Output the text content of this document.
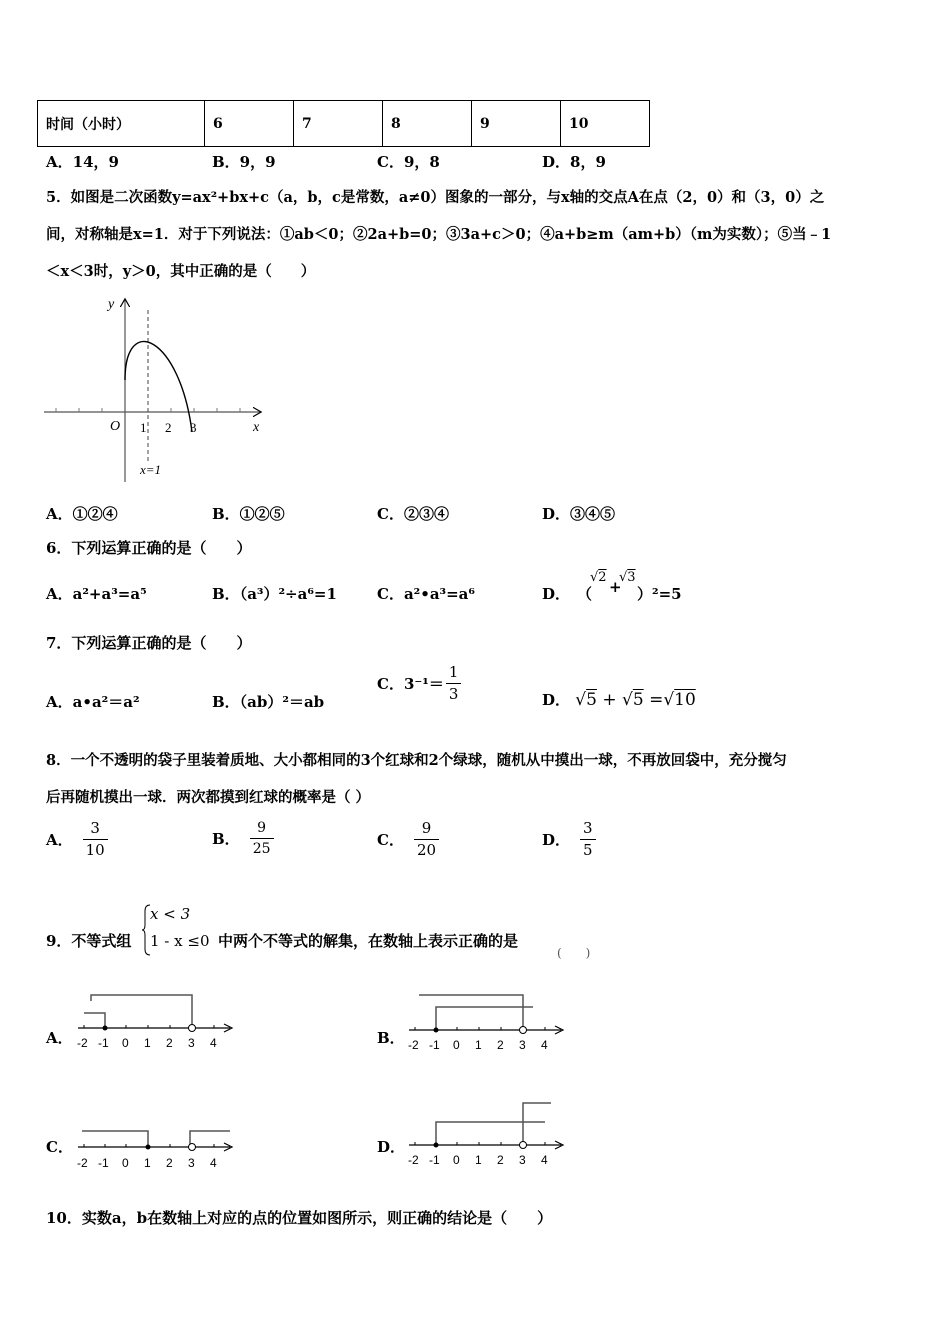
时间（小时）	6	7	8	9	10
A．14，9	B．9，9	C．9，8	D．8，9
5．如图是二次函数y=ax²+bx+c（a，b，c是常数，a≠0）图象的一部分，与x轴的交点A在点（2，0）和（3，0）之
间，对称轴是x=1．对于下列说法：①ab＜0；②2a+b=0；③3a+c＞0；④a+b≥m（am+b）（m为实数）；⑤当﹣1
＜x＜3时，y＞0，其中正确的是（　　）
y
x
O 1 2 3
x=1
A．①②④	B．①②⑤	C．②③④	D．③④⑤
6．下列运算正确的是（　　）
A．a²+a³=a⁵	B．（a³）²÷a⁶=1	C．a²•a³=a⁶	D． （
√2
+
√3
）²=5
7．下列运算正确的是（　　）
A．a•a²＝a²	B．（ab）²＝ab
C．$3^{-1}= \frac{1}{3}$	D． √5 + √5 =√10
8．一个不透明的袋子里装着质地、大小都相同的3个红球和2个绿球，随机从中摸出一球，不再放回袋中，充分搅匀
后再随机摸出一球．两次都摸到红球的概率是（ ）
A． $\frac{3}{10}$	B． $\frac{9}{25}$	C． $\frac{9}{20}$	D． $\frac{3}{5}$
9．不等式组
x < 3
1 - x ≤0 中两个不等式的解集，在数轴上表示正确的是
(　　)
A． -2 -1 0 1 2 3 4	B． -2 -1 0 1 2 3 4
C．
-2 -1 0 1 2 3 4
D．
-2 -1 0 1 2 3 4
10．实数a，b在数轴上对应的点的位置如图所示，则正确的结论是（　　）
